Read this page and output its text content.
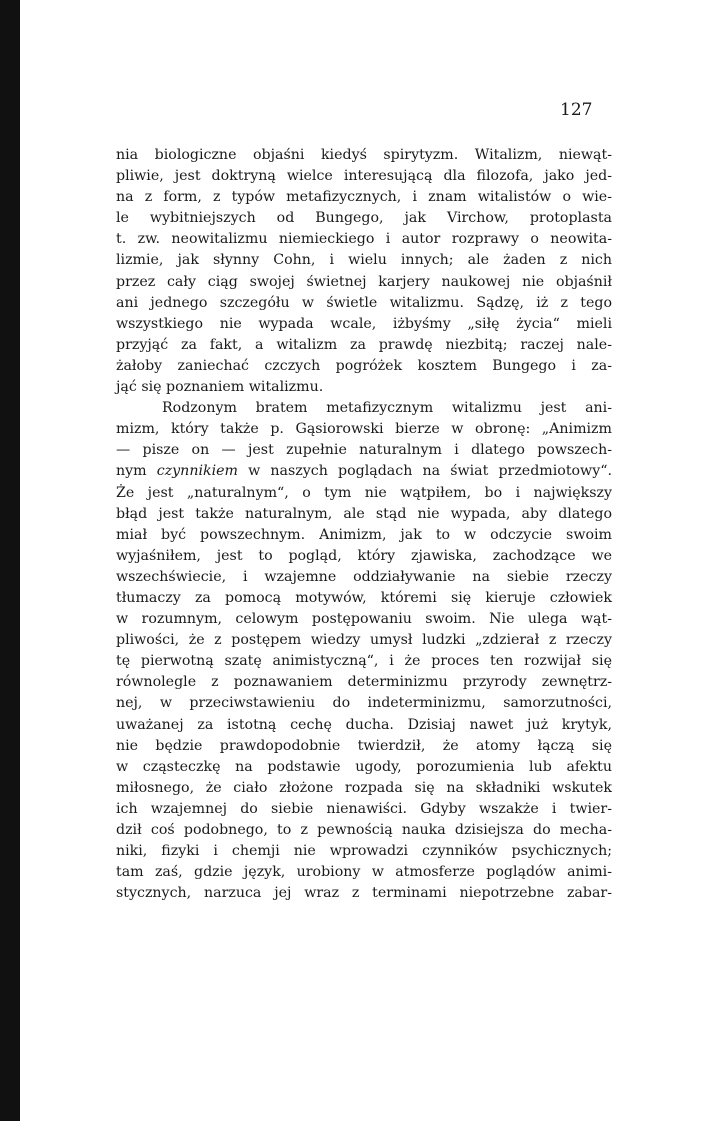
127
nia biologiczne objaśni kiedyś spirytyzm. Witalizm, niewąt-
pliwie, jest doktryną wielce interesującą dla filozofa, jako jed-
na z form, z typów metafizycznych, i znam witalistów o wie-
le wybitniejszych od Bungego, jak Virchow, protoplasta
t. zw. neowitalizmu niemieckiego i autor rozprawy o neowita-
lizmie, jak słynny Cohn, i wielu innych; ale żaden z nich
przez cały ciąg swojej świetnej karjery naukowej nie objaśnił
ani jednego szczegółu w świetle witalizmu. Sądzę, iż z tego
wszystkiego nie wypada wcale, iżbyśmy „siłę życia“ mieli
przyjąć za fakt, a witalizm za prawdę niezbitą; raczej nale-
żałoby zaniechać czczych pogróżek kosztem Bungego i za-
jąć się poznaniem witalizmu.
Rodzonym bratem metafizycznym witalizmu jest ani-
mizm, który także p. Gąsiorowski bierze w obronę: „Animizm
— pisze on — jest zupełnie naturalnym i dlatego powszech-
nym czynnikiem w naszych poglądach na świat przedmiotowy“.
Że jest „naturalnym“, o tym nie wątpiłem, bo i największy
błąd jest także naturalnym, ale stąd nie wypada, aby dlatego
miał być powszechnym. Animizm, jak to w odczycie swoim
wyjaśniłem, jest to pogląd, który zjawiska, zachodzące we
wszechświecie, i wzajemne oddziaływanie na siebie rzeczy
tłumaczy za pomocą motywów, któremi się kieruje człowiek
w rozumnym, celowym postępowaniu swoim. Nie ulega wąt-
pliwości, że z postępem wiedzy umysł ludzki „zdzierał z rzeczy
tę pierwotną szatę animistyczną“, i że proces ten rozwijał się
równolegle z poznawaniem determinizmu przyrody zewnętrz-
nej, w przeciwstawieniu do indeterminizmu, samorzutności,
uważanej za istotną cechę ducha. Dzisiaj nawet już krytyk,
nie będzie prawdopodobnie twierdził, że atomy łączą się
w cząsteczkę na podstawie ugody, porozumienia lub afektu
miłosnego, że ciało złożone rozpada się na składniki wskutek
ich wzajemnej do siebie nienawiści. Gdyby wszakże i twier-
dził coś podobnego, to z pewnością nauka dzisiejsza do mecha-
niki, fizyki i chemji nie wprowadzi czynników psychicznych;
tam zaś, gdzie język, urobiony w atmosferze poglądów animi-
stycznych, narzuca jej wraz z terminami niepotrzebne zabar-
